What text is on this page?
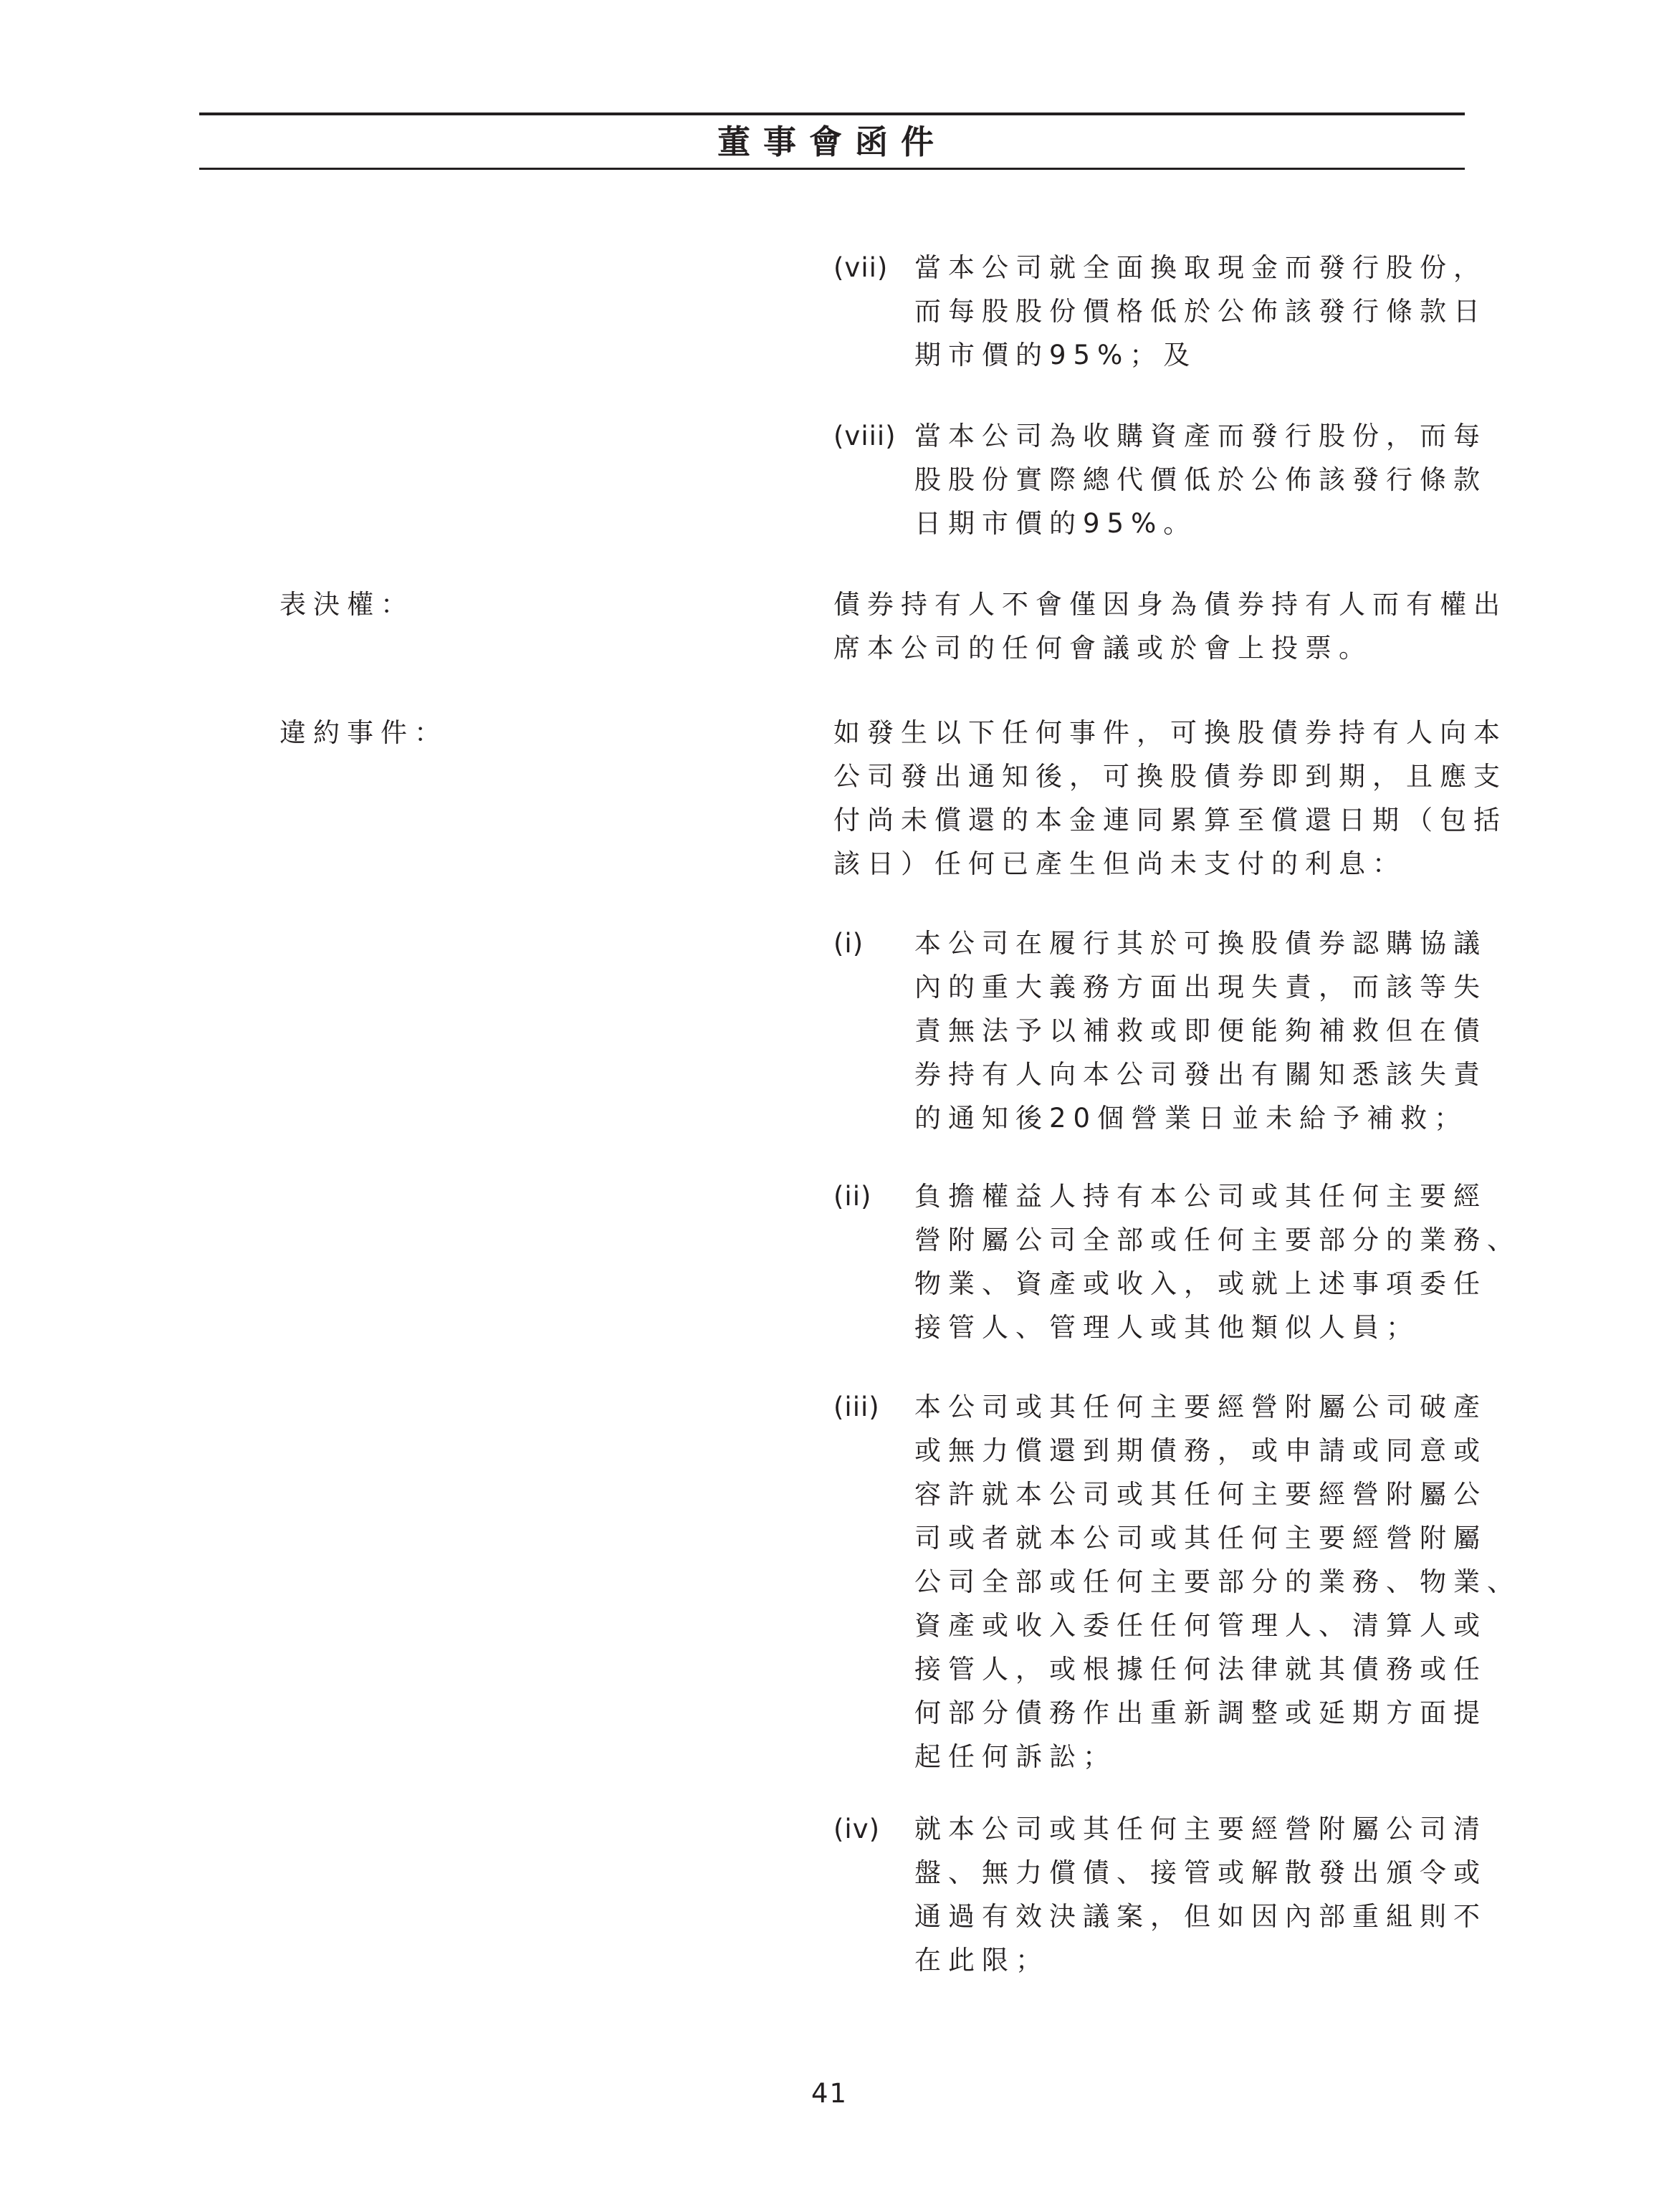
董事會函件
(vii) 當本公司就全面換取現金而發行股份，
而每股股份價格低於公佈該發行條款日
期市價的95%；及
(viii) 當本公司為收購資產而發行股份，而每
股股份實際總代價低於公佈該發行條款
日期市價的95%。
表決權：	債券持有人不會僅因身為債券持有人而有權出
席本公司的任何會議或於會上投票。
違約事件：	如發生以下任何事件，可換股債券持有人向本
公司發出通知後，可換股債券即到期，且應支
付尚未償還的本金連同累算至償還日期（包括
該日）任何已產生但尚未支付的利息：
(i) 本公司在履行其於可換股債券認購協議
內的重大義務方面出現失責，而該等失
責無法予以補救或即便能夠補救但在債
券持有人向本公司發出有關知悉該失責
的通知後20個營業日並未給予補救；
(ii) 負擔權益人持有本公司或其任何主要經
營附屬公司全部或任何主要部分的業務、
物業、資產或收入，或就上述事項委任
接管人、管理人或其他類似人員；
(iii) 本公司或其任何主要經營附屬公司破產
或無力償還到期債務，或申請或同意或
容許就本公司或其任何主要經營附屬公
司或者就本公司或其任何主要經營附屬
公司全部或任何主要部分的業務、物業、
資產或收入委任任何管理人、清算人或
接管人，或根據任何法律就其債務或任
何部分債務作出重新調整或延期方面提
起任何訴訟；
(iv) 就本公司或其任何主要經營附屬公司清
盤、無力償債、接管或解散發出頒令或
通過有效決議案，但如因內部重組則不
在此限；
41
